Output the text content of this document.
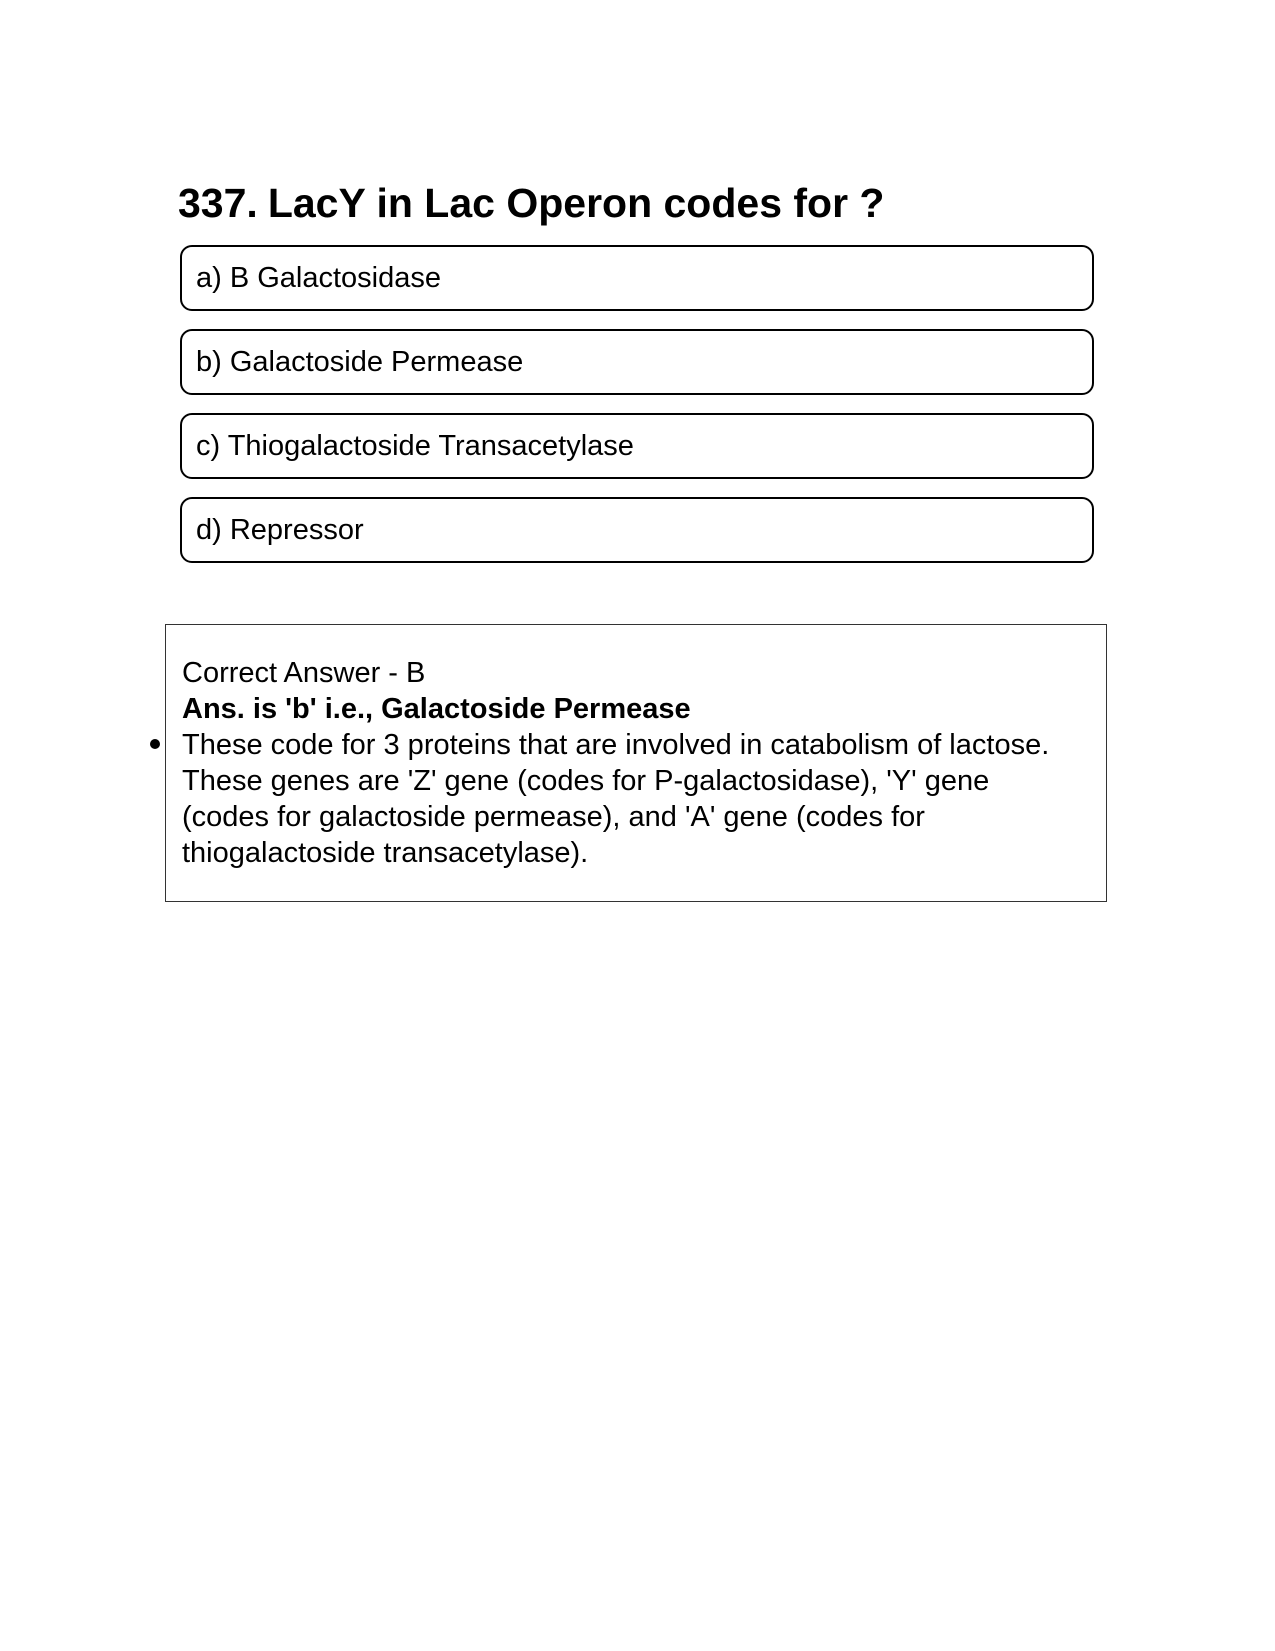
337. LacY in Lac Operon codes for ?
a) B Galactosidase
b) Galactoside Permease
c) Thiogalactoside Transacetylase
d) Repressor
Correct Answer - B
Ans. is 'b' i.e., Galactoside Permease
These code for 3 proteins that are involved in catabolism of lactose. These genes are 'Z' gene (codes for P-galactosidase), 'Y' gene (codes for galactoside permease), and 'A' gene (codes for thiogalactoside transacetylase).
